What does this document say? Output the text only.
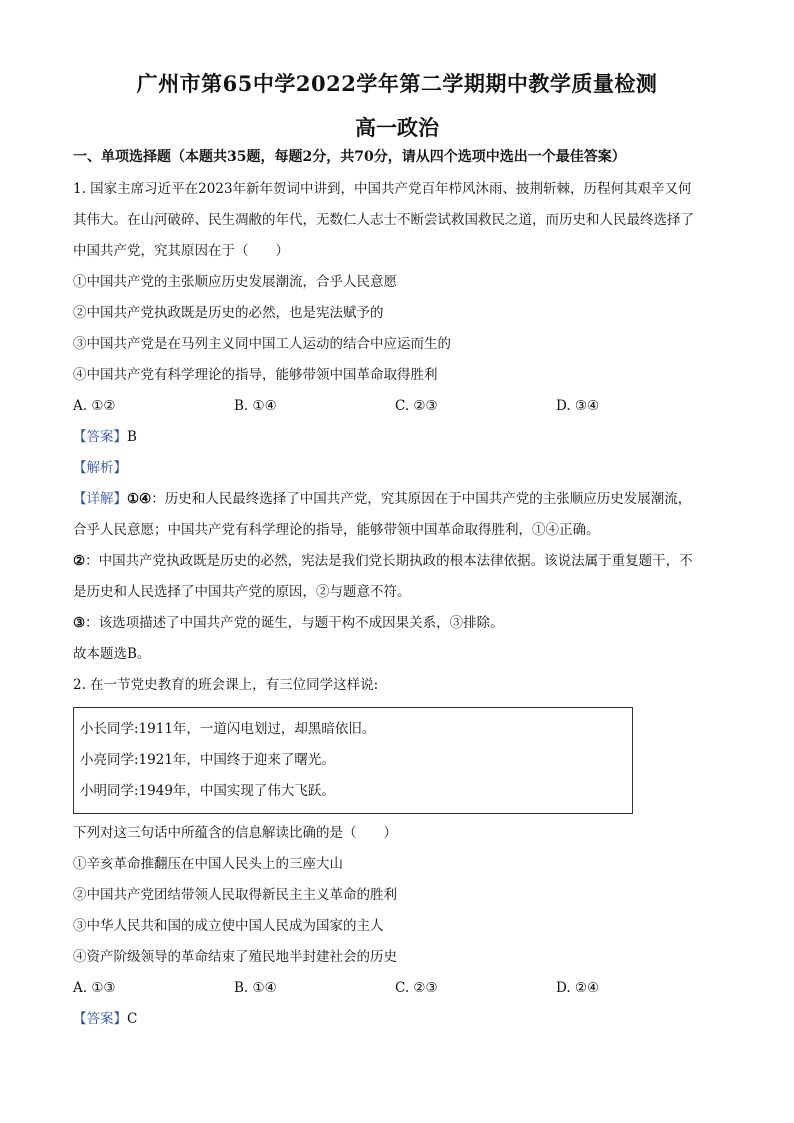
广州市第65中学2022学年第二学期期中教学质量检测
高一政治
一、单项选择题（本题共35题，每题2分，共70分，请从四个选项中选出一个最佳答案）
1. 国家主席习近平在2023年新年贺词中讲到，中国共产党百年栉风沐雨、披荆斩棘，历程何其艰辛又何
其伟大。在山河破碎、民生凋敝的年代，无数仁人志士不断尝试救国救民之道，而历史和人民最终选择了
中国共产党，究其原因在于（　　）
①中国共产党的主张顺应历史发展潮流，合乎人民意愿
②中国共产党执政既是历史的必然，也是宪法赋予的
③中国共产党是在马列主义同中国工人运动的结合中应运而生的
④中国共产党有科学理论的指导，能够带领中国革命取得胜利
A. ①②	B. ①④	C. ②③	D. ③④
【答案】B
【解析】
【详解】①④：历史和人民最终选择了中国共产党，究其原因在于中国共产党的主张顺应历史发展潮流，
合乎人民意愿；中国共产党有科学理论的指导，能够带领中国革命取得胜利，①④正确。
②：中国共产党执政既是历史的必然，宪法是我们党长期执政的根本法律依据。该说法属于重复题干，不
是历史和人民选择了中国共产党的原因，②与题意不符。
③：该选项描述了中国共产党的诞生，与题干构不成因果关系，③排除。
故本题选B。
2. 在一节党史教育的班会课上，有三位同学这样说:
小长同学:1911年，一道闪电划过，却黑暗依旧。
小亮同学:1921年，中国终于迎来了曙光。
小明同学:1949年，中国实现了伟大飞跃。
下列对这三句话中所蕴含的信息解读比确的是（　　）
①辛亥革命推翻压在中国人民头上的三座大山
②中国共产党团结带领人民取得新民主主义革命的胜利
③中华人民共和国的成立使中国人民成为国家的主人
④资产阶级领导的革命结束了殖民地半封建社会的历史
A. ①③	B. ①④	C. ②③	D. ②④
【答案】C
